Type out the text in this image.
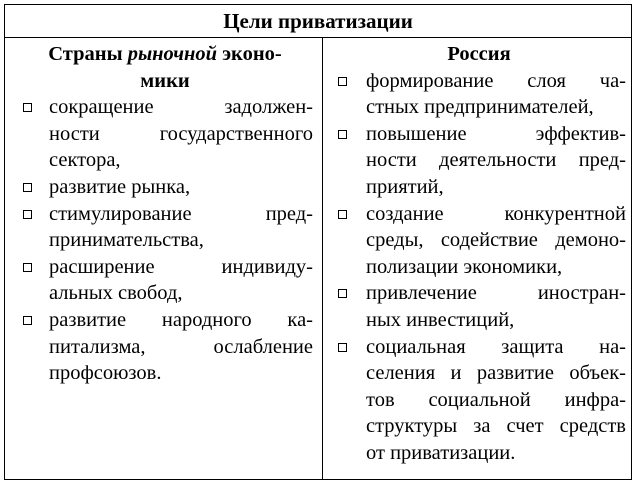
Цели приватизации
Страны рыночной эконо-
мики
сокращение задолжен-
ности государственного
сектора,
развитие рынка,
стимулирование пред-
принимательства,
расширение индивиду-
альных свобод,
развитие народного ка-
питализма, ослабление
профсоюзов.
Россия
формирование слоя ча-
стных предпринимателей,
повышение эффектив-
ности деятельности пред-
приятий,
создание конкурентной
среды, содействие демоно-
полизации экономики,
привлечение иностран-
ных инвестиций,
социальная защита на-
селения и развитие объек-
тов социальной инфра-
структуры за счет средств
от приватизации.
